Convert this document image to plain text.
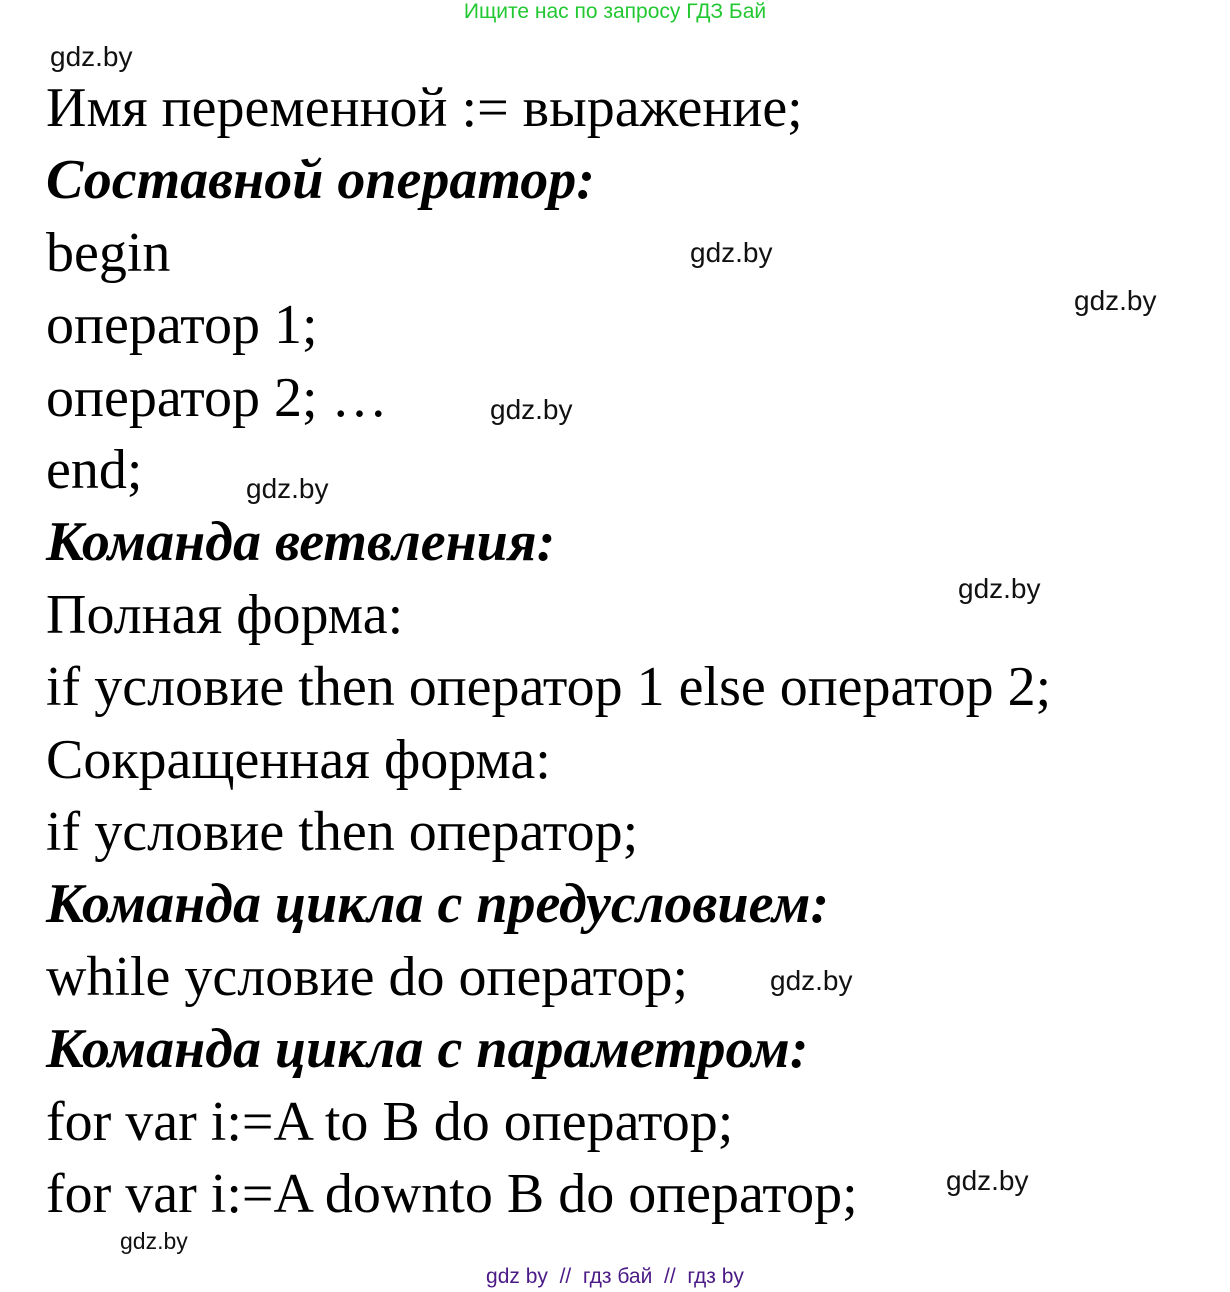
Ищите нас по запросу ГДЗ Бай
Имя переменной := выражение;
Составной оператор:
begin
оператор 1;
оператор 2; …
end;
Команда ветвления:
Полная форма:
if условие then оператор 1 else оператор 2;
Сокращенная форма:
if условие then оператор;
Команда цикла с предусловием:
while условие do оператор;
Команда цикла с параметром:
for var i:=A to B do оператор;
for var i:=A downto B do оператор;
gdz.by
gdz.by
gdz.by
gdz.by
gdz.by
gdz.by
gdz.by
gdz.by
gdz.by
gdz by  //  гдз бай  //  гдз by
